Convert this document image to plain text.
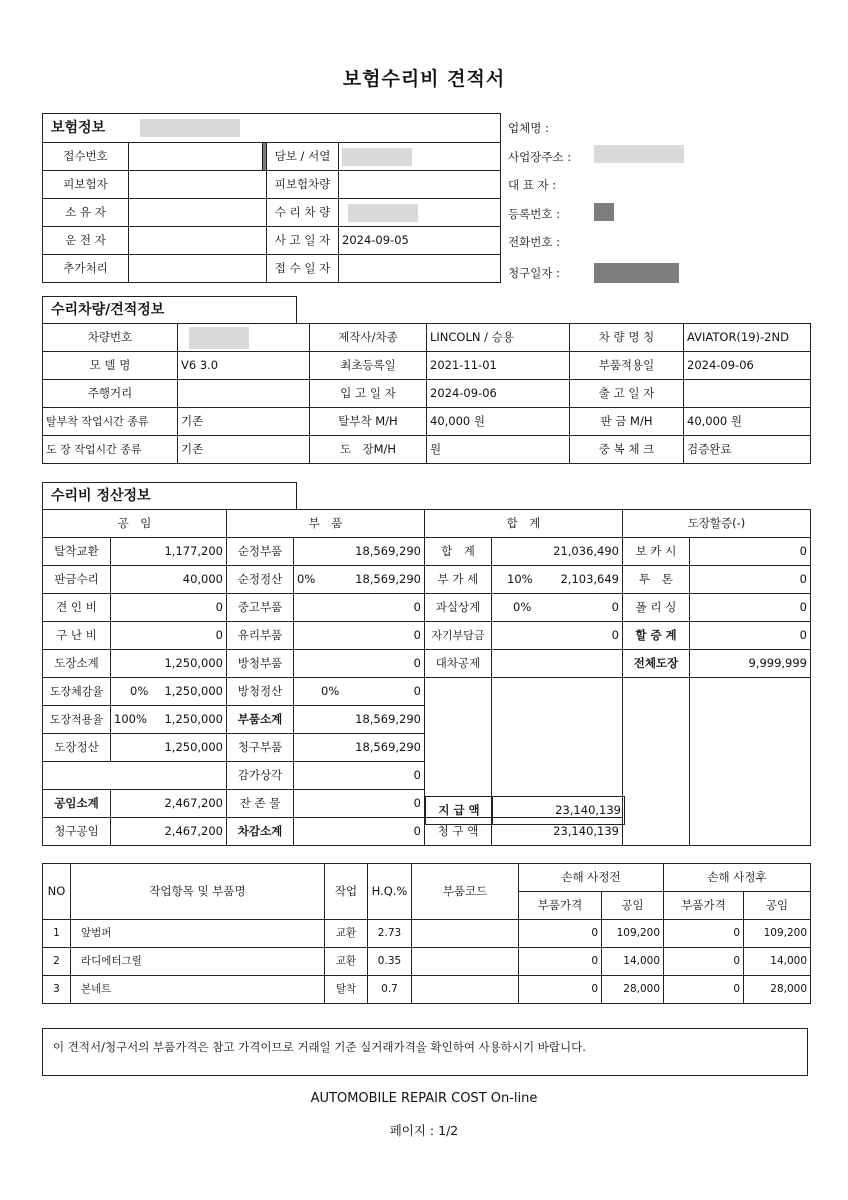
보험수리비 견적서
보험정보				
접수번호			담보 / 서열	
피보험자			피보험차량	
소 유 자			수 리 차 량	
운 전 자			사 고 일 자	2024-09-05
추가처리			접 수 일 자	
업체명 :
사업장주소 :
대 표 자 :
등록번호 :
전화번호 :
청구일자 :
수리차량/견적정보
차량번호		제작사/차종	LINCOLN / 승용	차 량 명 칭	AVIATOR(19)-2ND
모 델 명	V6 3.0	최초등록일	2021-11-01	부품적용일	2024-09-06
주행거리		입 고 일 자	2024-09-06	출 고 일 자	
탈부착 작업시간 종류	기존	탈부착 M/H	40,000 원	판 금 M/H	40,000 원
도 장 작업시간 종류	기존	도　장M/H	원	중 복 체 크	검증완료
수리비 정산정보
공　임		부　품		합　계		도장할증(-)	
탈착교환	1,177,200	순정부품	18,569,290	합　계	21,036,490	보 카 시	0
판금수리	40,000	순정정산	0% 18,569,290	부 가 세	10% 2,103,649	투　톤	0
견 인 비	0	중고부품	0	과실상계	0% 0	폴 리 싱	0
구 난 비	0	유리부품	0	자기부담금	0	할 증 계	0
도장소계	1,250,000	방청부품	0	대차공제		전체도장	9,999,999
도장체감율	0% 1,250,000	방청정산	0% 0				
도장적용율	100% 1,250,000	부품소계	18,569,290				
도장정산	1,250,000	청구부품	18,569,290				
		감가상각	0				
공임소계	2,467,200	잔 존 물	0				
청구공임	2,467,200	차감소계	0	청 구 액	23,140,139		
지 급 액	23,140,139
NO	작업항목 및 부품명	작업	H.Q.%	부품코드	손해 사정전		손해 사정후	
					부품가격	공임	부품가격	공임
1	앞범퍼	교환	2.73		0	109,200	0	109,200
2	라디에터그릴	교환	0.35		0	14,000	0	14,000
3	본네트	탈착	0.7		0	28,000	0	28,000
이 견적서/청구서의 부품가격은 참고 가격이므로 거래일 기준 실거래가격을 확인하여 사용하시기 바랍니다.
AUTOMOBILE REPAIR COST On-line
페이지 : 1/2
